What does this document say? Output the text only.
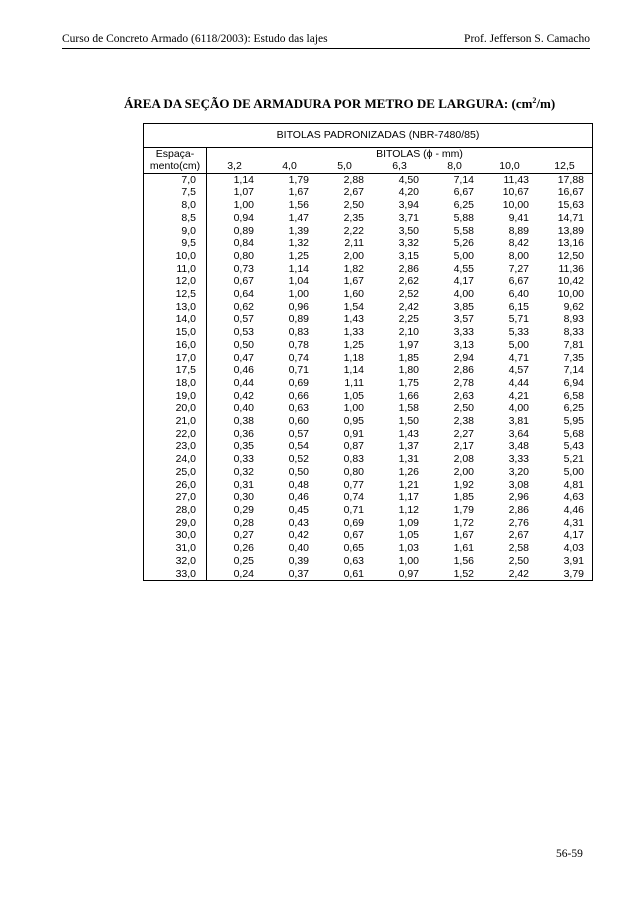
Curso de Concreto Armado (6118/2003): Estudo das lajes	Prof. Jefferson S. Camacho
ÁREA DA SEÇÃO DE ARMADURA POR METRO DE LARGURA: $(cm^2/m)$
BITOLAS PADRONIZADAS (NBR-7480/85)							
Espaça-	BITOLAS (ϕ - mm)						
mento(cm)	3,2	4,0	5,0	6,3	8,0	10,0	12,5
7,0	1,14	1,79	2,88	4,50	7,14	11,43	17,88
7,5	1,07	1,67	2,67	4,20	6,67	10,67	16,67
8,0	1,00	1,56	2,50	3,94	6,25	10,00	15,63
8,5	0,94	1,47	2,35	3,71	5,88	9,41	14,71
9,0	0,89	1,39	2,22	3,50	5,58	8,89	13,89
9,5	0,84	1,32	2,11	3,32	5,26	8,42	13,16
10,0	0,80	1,25	2,00	3,15	5,00	8,00	12,50
11,0	0,73	1,14	1,82	2,86	4,55	7,27	11,36
12,0	0,67	1,04	1,67	2,62	4,17	6,67	10,42
12,5	0,64	1,00	1,60	2,52	4,00	6,40	10,00
13,0	0,62	0,96	1,54	2,42	3,85	6,15	9,62
14,0	0,57	0,89	1,43	2,25	3,57	5,71	8,93
15,0	0,53	0,83	1,33	2,10	3,33	5,33	8,33
16,0	0,50	0,78	1,25	1,97	3,13	5,00	7,81
17,0	0,47	0,74	1,18	1,85	2,94	4,71	7,35
17,5	0,46	0,71	1,14	1,80	2,86	4,57	7,14
18,0	0,44	0,69	1,11	1,75	2,78	4,44	6,94
19,0	0,42	0,66	1,05	1,66	2,63	4,21	6,58
20,0	0,40	0,63	1,00	1,58	2,50	4,00	6,25
21,0	0,38	0,60	0,95	1,50	2,38	3,81	5,95
22,0	0,36	0,57	0,91	1,43	2,27	3,64	5,68
23,0	0,35	0,54	0,87	1,37	2,17	3,48	5,43
24,0	0,33	0,52	0,83	1,31	2,08	3,33	5,21
25,0	0,32	0,50	0,80	1,26	2,00	3,20	5,00
26,0	0,31	0,48	0,77	1,21	1,92	3,08	4,81
27,0	0,30	0,46	0,74	1,17	1,85	2,96	4,63
28,0	0,29	0,45	0,71	1,12	1,79	2,86	4,46
29,0	0,28	0,43	0,69	1,09	1,72	2,76	4,31
30,0	0,27	0,42	0,67	1,05	1,67	2,67	4,17
31,0	0,26	0,40	0,65	1,03	1,61	2,58	4,03
32,0	0,25	0,39	0,63	1,00	1,56	2,50	3,91
33,0	0,24	0,37	0,61	0,97	1,52	2,42	3,79
56-59
